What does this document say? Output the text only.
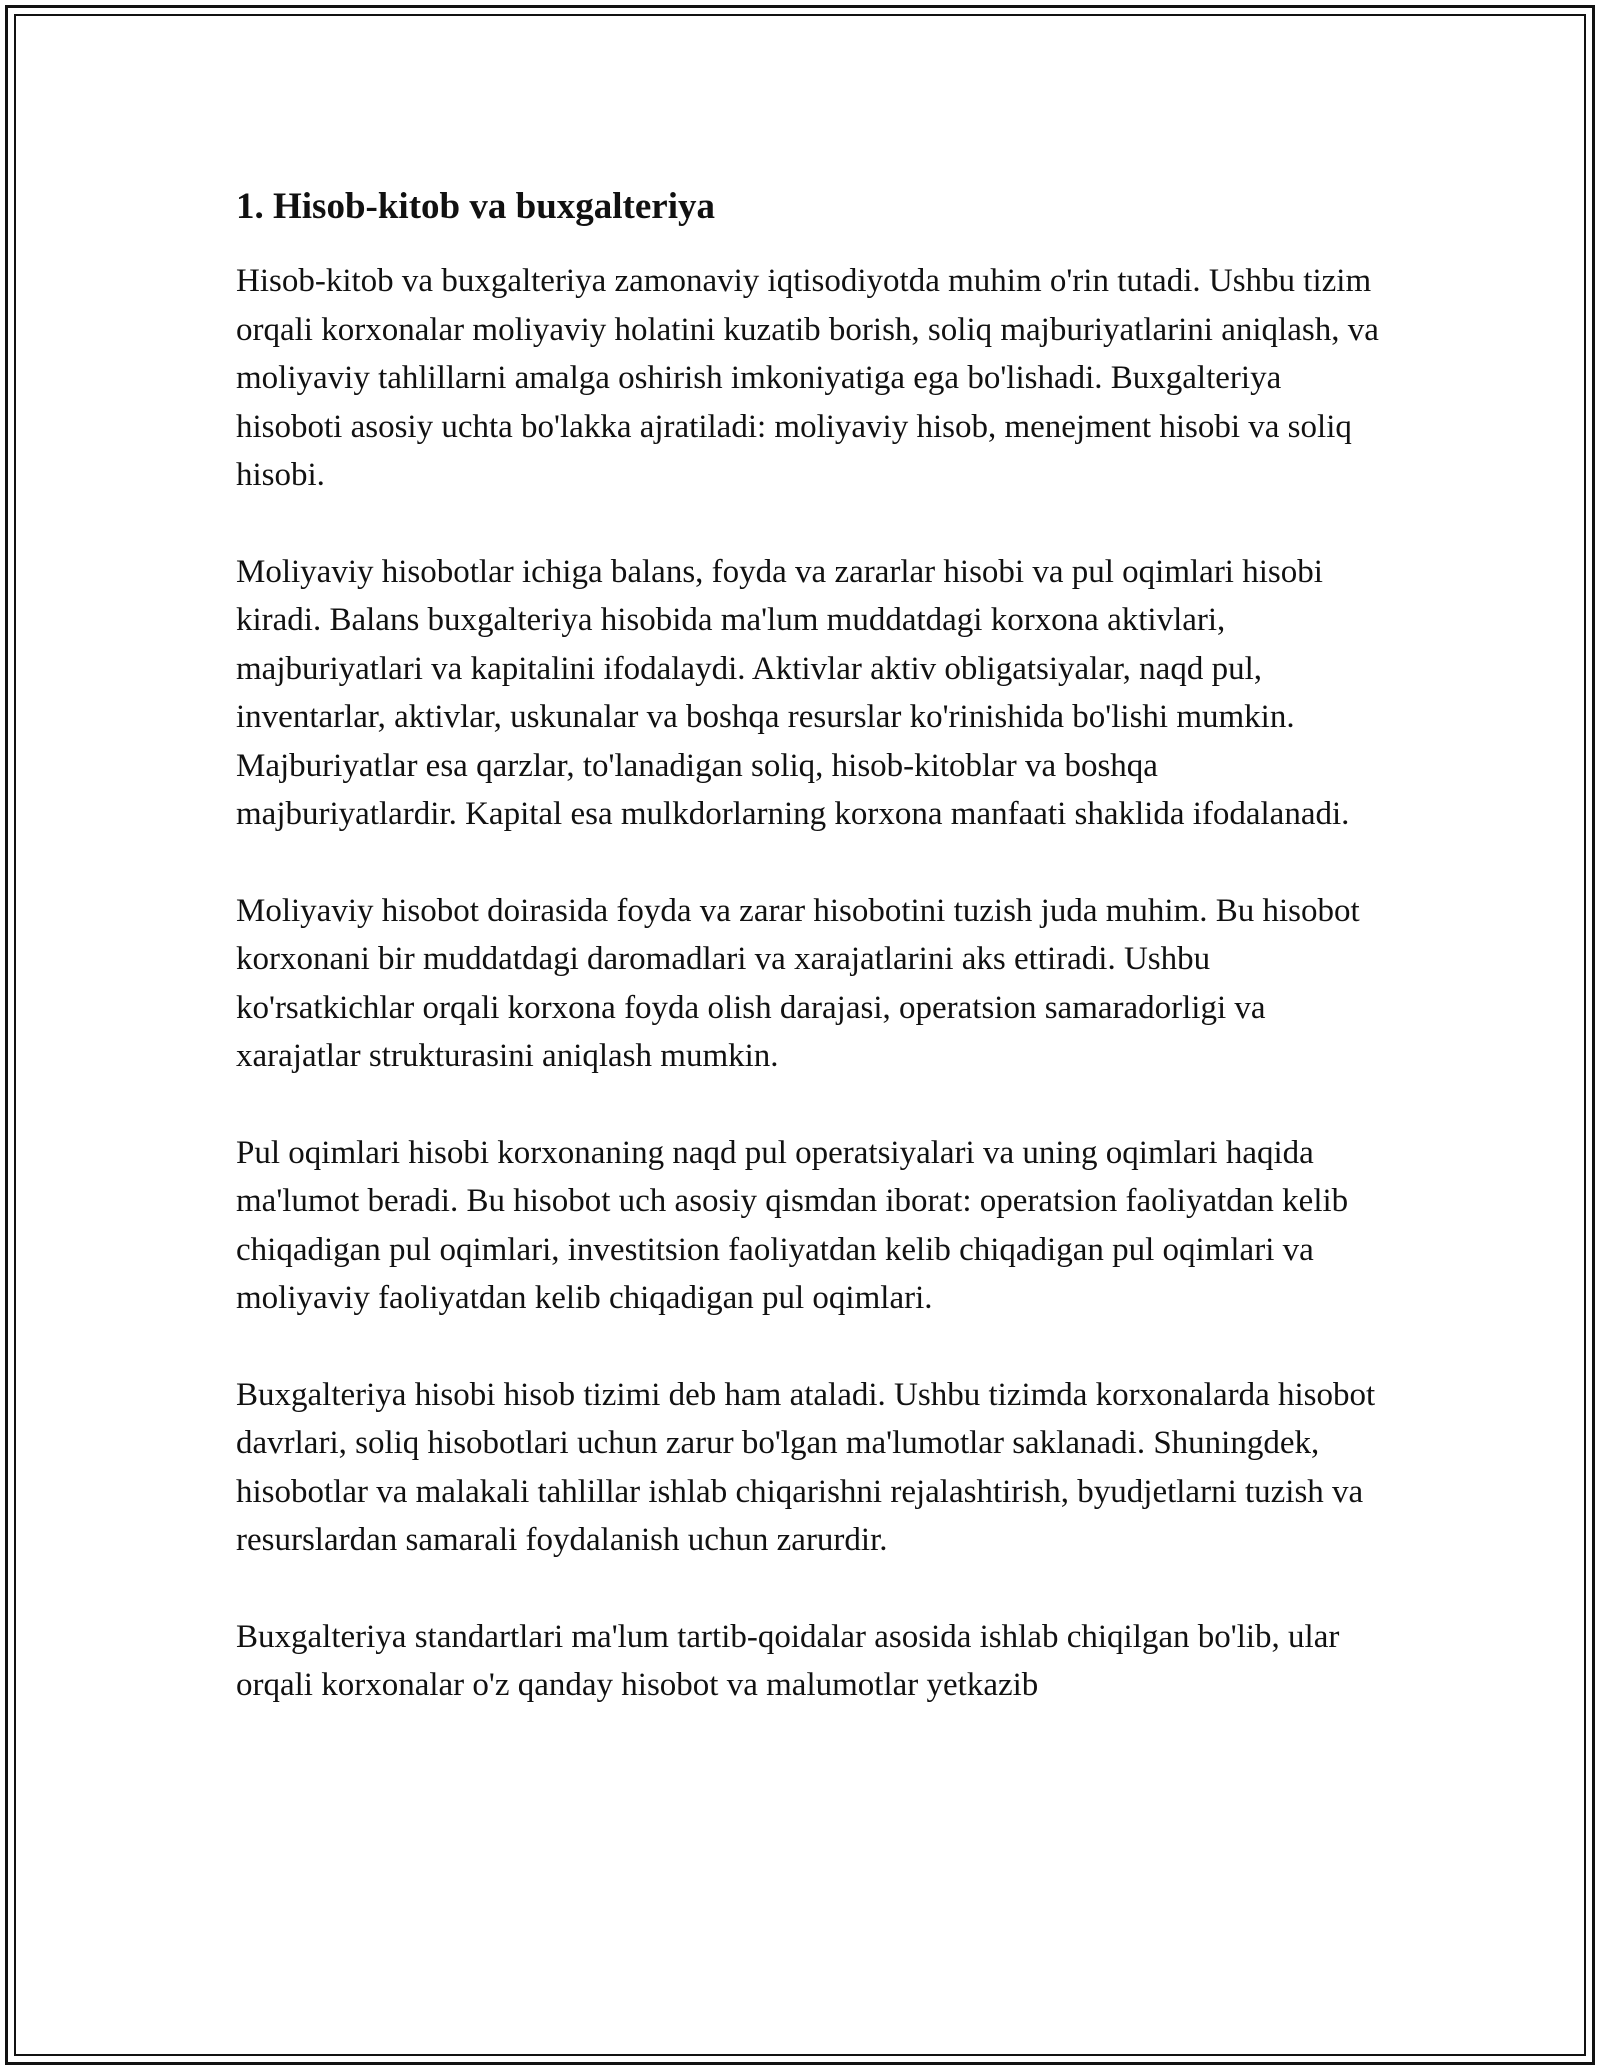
1. Hisob-kitob va buxgalteriya

Hisob-kitob va buxgalteriya zamonaviy iqtisodiyotda muhim o'rin tutadi. Ushbu tizim orqali korxonalar moliyaviy holatini kuzatib borish, soliq majburiyatlarini aniqlash, va moliyaviy tahlillarni amalga oshirish imkoniyatiga ega bo'lishadi. Buxgalteriya hisoboti asosiy uchta bo'lakka ajratiladi: moliyaviy hisob, menejment hisobi va soliq hisobi.

Moliyaviy hisobotlar ichiga balans, foyda va zararlar hisobi va pul oqimlari hisobi kiradi. Balans buxgalteriya hisobida ma'lum muddatdagi korxona aktivlari, majburiyatlari va kapitalini ifodalaydi. Aktivlar aktiv obligatsiyalar, naqd pul, inventarlar, aktivlar, uskunalar va boshqa resurslar ko'rinishida bo'lishi mumkin. Majburiyatlar esa qarzlar, to'lanadigan soliq, hisob-kitoblar va boshqa majburiyatlardir. Kapital esa mulkdorlarning korxona manfaati shaklida ifodalanadi.

Moliyaviy hisobot doirasida foyda va zarar hisobotini tuzish juda muhim. Bu hisobot korxonani bir muddatdagi daromadlari va xarajatlarini aks ettiradi. Ushbu ko'rsatkichlar orqali korxona foyda olish darajasi, operatsion samaradorligi va xarajatlar strukturasini aniqlash mumkin.

Pul oqimlari hisobi korxonaning naqd pul operatsiyalari va uning oqimlari haqida ma'lumot beradi. Bu hisobot uch asosiy qismdan iborat: operatsion faoliyatdan kelib chiqadigan pul oqimlari, investitsion faoliyatdan kelib chiqadigan pul oqimlari va moliyaviy faoliyatdan kelib chiqadigan pul oqimlari.

Buxgalteriya hisobi hisob tizimi deb ham ataladi. Ushbu tizimda korxonalarda hisobot davrlari, soliq hisobotlari uchun zarur bo'lgan ma'lumotlar saklanadi. Shuningdek, hisobotlar va malakali tahlillar ishlab chiqarishni rejalashtirish, byudjetlarni tuzish va resurslardan samarali foydalanish uchun zarurdir.

Buxgalteriya standartlari ma'lum tartib-qoidalar asosida ishlab chiqilgan bo'lib, ular orqali korxonalar o'z qanday hisobot va malumotlar yetkazib
